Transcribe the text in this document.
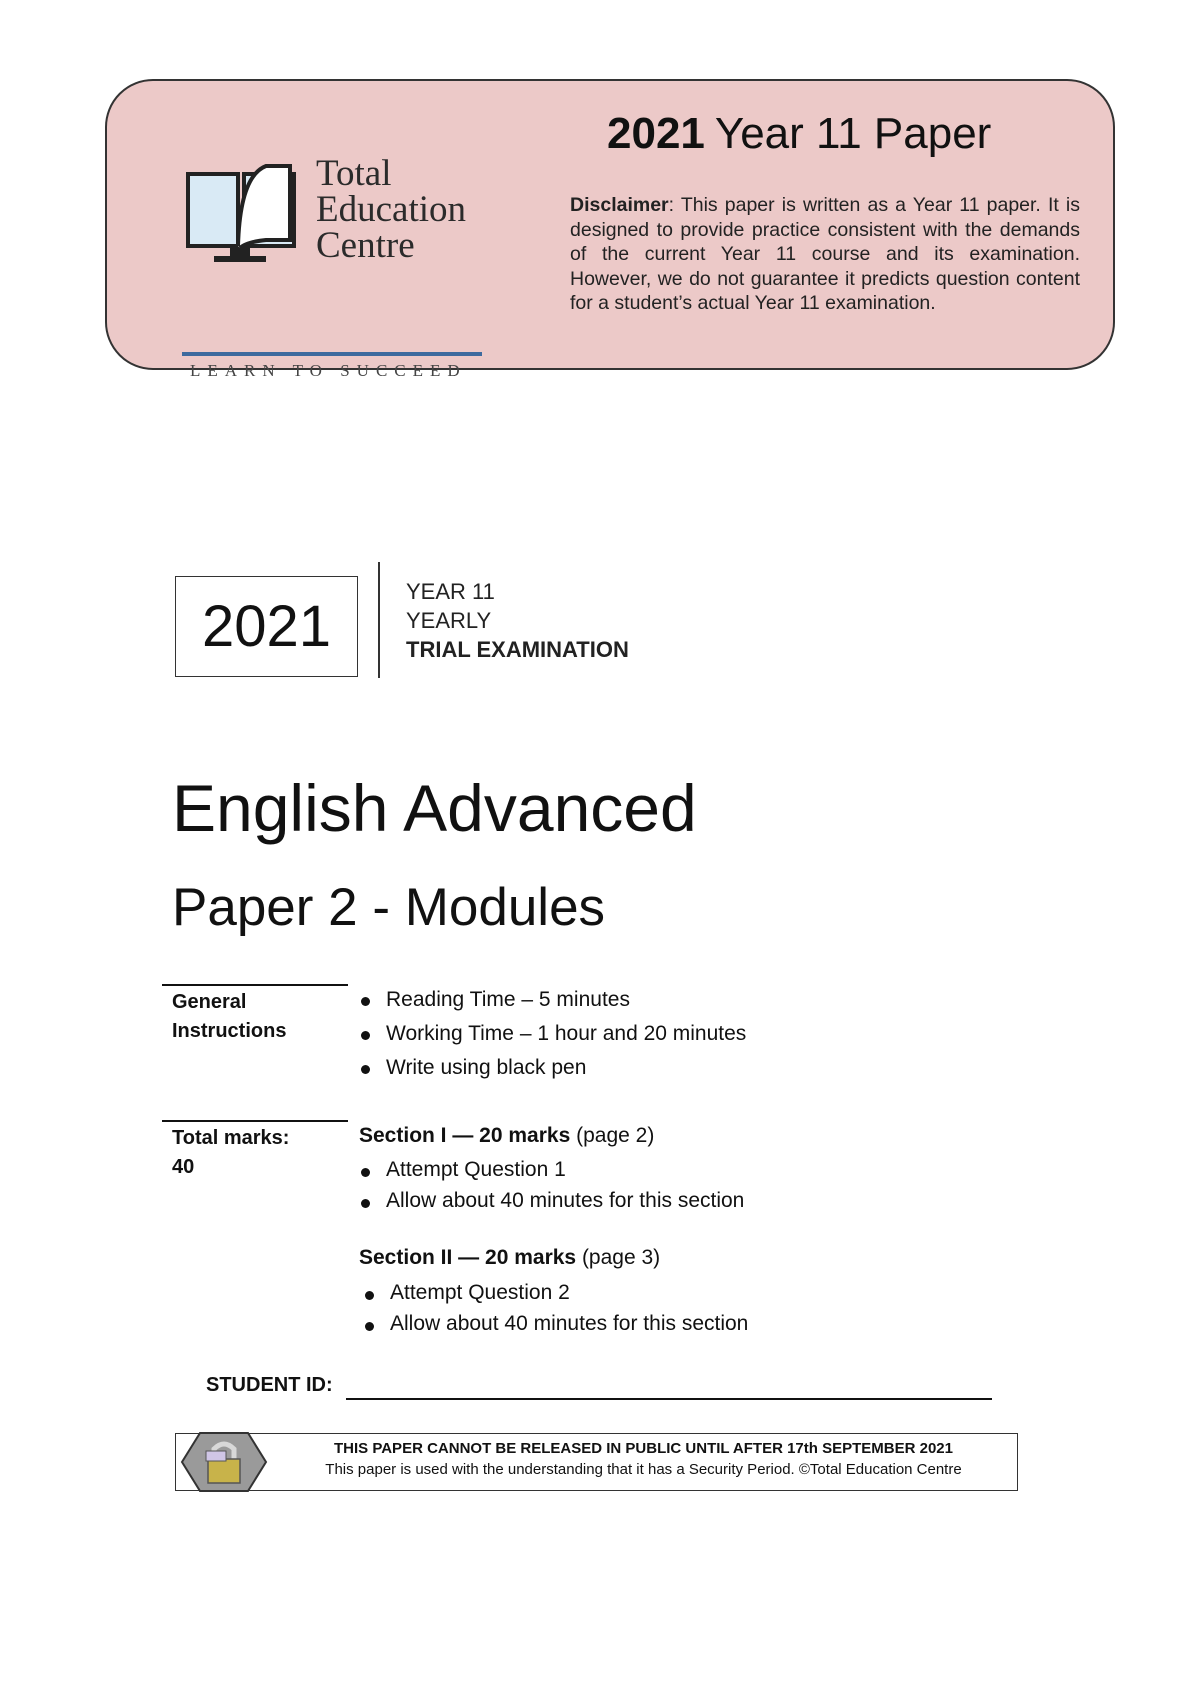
Total
Education
Centre
LEARN TO SUCCEED
2021 Year 11 Paper
Disclaimer: This paper is written as a Year 11 paper. It is designed to provide practice consistent with the demands of the current Year 11 course and its examination. However, we do not guarantee it predicts question content for a student’s actual Year 11 examination.
2021
YEAR 11
YEARLY
TRIAL EXAMINATION
English Advanced
Paper 2 - Modules
General
Instructions
Reading Time – 5 minutes
Working Time – 1 hour and 20 minutes
Write using black pen
Total marks:
40
Section I — 20 marks (page 2)
Attempt Question 1
Allow about 40 minutes for this section
Section II — 20 marks (page 3)
Attempt Question 2
Allow about 40 minutes for this section
STUDENT ID:
THIS PAPER CANNOT BE RELEASED IN PUBLIC UNTIL AFTER 17th SEPTEMBER 2021
This paper is used with the understanding that it has a Security Period. ©Total Education Centre
